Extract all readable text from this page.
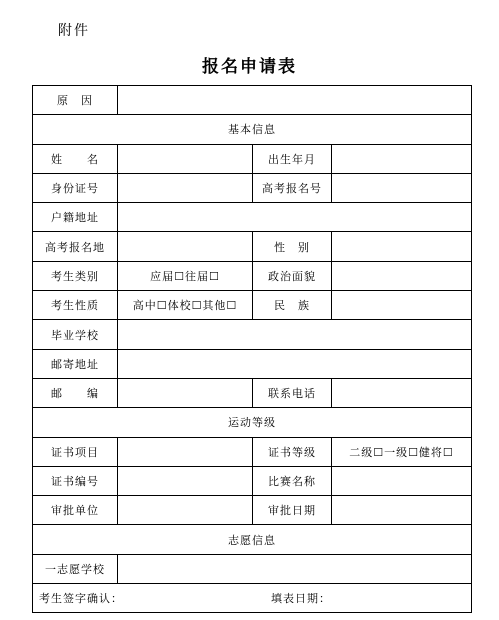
附件
报名申请表
原　因			
基本信息			
姓　　名		出生年月	
身份证号		高考报名号	
户籍地址			
高考报名地		性　别	
考生类别	应届☐往届☐	政治面貌	
考生性质	高中☐体校☐其他☐	民　族	
毕业学校			
邮寄地址			
邮　　编		联系电话	
运动等级			
证书项目		证书等级	二级☐一级☐健将☐
证书编号		比赛名称	
审批单位		审批日期	
志愿信息			
一志愿学校			
考生签字确认： 填表日期：			
